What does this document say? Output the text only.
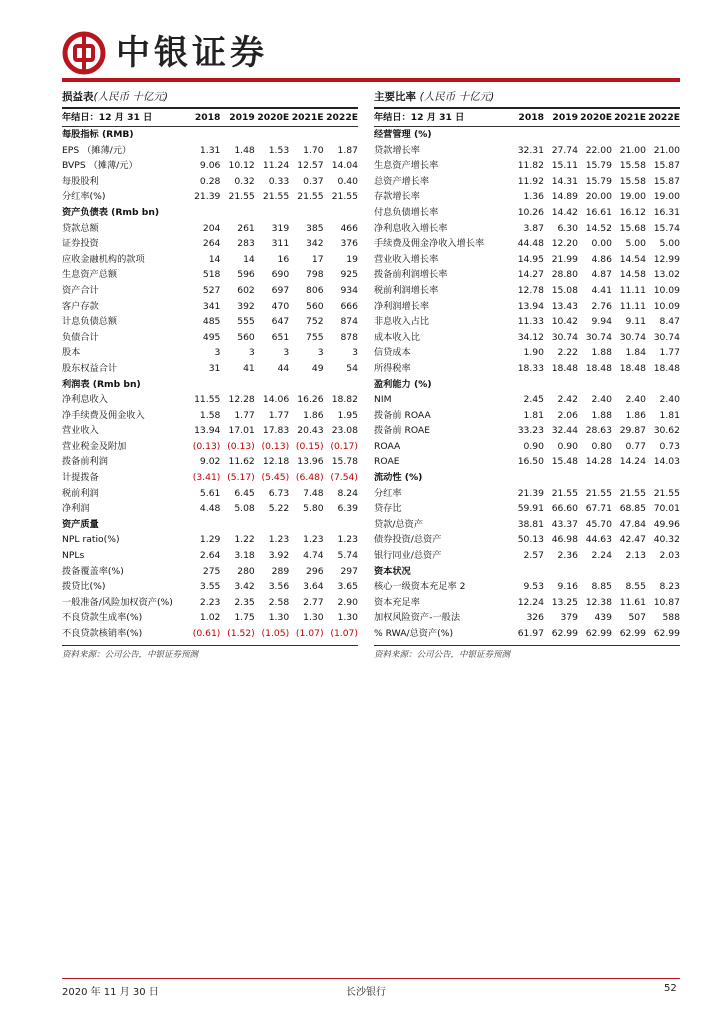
中银证券
损益表(人民币 十亿元)
年结日：12 月 31 日	2018	2019	2020E	2021E	2022E

每股指标 (RMB)					
EPS （摊薄/元）	1.31	1.48	1.53	1.70	1.87
BVPS （摊薄/元）	9.06	10.12	11.24	12.57	14.04
每股股利	0.28	0.32	0.33	0.37	0.40
分红率(%)	21.39	21.55	21.55	21.55	21.55
资产负债表 (Rmb bn)					
贷款总额	204	261	319	385	466
证券投资	264	283	311	342	376
应收金融机构的款项	14	14	16	17	19
生息资产总额	518	596	690	798	925
资产合计	527	602	697	806	934
客户存款	341	392	470	560	666
计息负债总额	485	555	647	752	874
负债合计	495	560	651	755	878
股本	3	3	3	3	3
股东权益合计	31	41	44	49	54
利润表 (Rmb bn)					
净利息收入	11.55	12.28	14.06	16.26	18.82
净手续费及佣金收入	1.58	1.77	1.77	1.86	1.95
营业收入	13.94	17.01	17.83	20.43	23.08
营业税金及附加	(0.13)	(0.13)	(0.13)	(0.15)	(0.17)
拨备前利润	9.02	11.62	12.18	13.96	15.78
计提拨备	(3.41)	(5.17)	(5.45)	(6.48)	(7.54)
税前利润	5.61	6.45	6.73	7.48	8.24
净利润	4.48	5.08	5.22	5.80	6.39
资产质量					
NPL ratio(%)	1.29	1.22	1.23	1.23	1.23
NPLs	2.64	3.18	3.92	4.74	5.74
拨备覆盖率(%)	275	280	289	296	297
拨贷比(%)	3.55	3.42	3.56	3.64	3.65
一般准备/风险加权资产(%)	2.23	2.35	2.58	2.77	2.90
不良贷款生成率(%)	1.02	1.75	1.30	1.30	1.30
不良贷款核销率(%)	(0.61)	(1.52)	(1.05)	(1.07)	(1.07)
资料来源：公司公告，中银证券预测
主要比率 (人民币 十亿元)
年结日：12 月 31 日	2018	2019	2020E	2021E	2022E

经营管理 (%)					
贷款增长率	32.31	27.74	22.00	21.00	21.00
生息资产增长率	11.82	15.11	15.79	15.58	15.87
总资产增长率	11.92	14.31	15.79	15.58	15.87
存款增长率	1.36	14.89	20.00	19.00	19.00
付息负债增长率	10.26	14.42	16.61	16.12	16.31
净利息收入增长率	3.87	6.30	14.52	15.68	15.74
手续费及佣金净收入增长率	44.48	12.20	0.00	5.00	5.00
营业收入增长率	14.95	21.99	4.86	14.54	12.99
拨备前利润增长率	14.27	28.80	4.87	14.58	13.02
税前利润增长率	12.78	15.08	4.41	11.11	10.09
净利润增长率	13.94	13.43	2.76	11.11	10.09
非息收入占比	11.33	10.42	9.94	9.11	8.47
成本收入比	34.12	30.74	30.74	30.74	30.74
信贷成本	1.90	2.22	1.88	1.84	1.77
所得税率	18.33	18.48	18.48	18.48	18.48
盈利能力 (%)					
NIM	2.45	2.42	2.40	2.40	2.40
拨备前 ROAA	1.81	2.06	1.88	1.86	1.81
拨备前 ROAE	33.23	32.44	28.63	29.87	30.62
ROAA	0.90	0.90	0.80	0.77	0.73
ROAE	16.50	15.48	14.28	14.24	14.03
流动性 (%)					
分红率	21.39	21.55	21.55	21.55	21.55
贷存比	59.91	66.60	67.71	68.85	70.01
贷款/总资产	38.81	43.37	45.70	47.84	49.96
债券投资/总资产	50.13	46.98	44.63	42.47	40.32
银行同业/总资产	2.57	2.36	2.24	2.13	2.03
资本状况					
核心一级资本充足率 2	9.53	9.16	8.85	8.55	8.23
资本充足率	12.24	13.25	12.38	11.61	10.87
加权风险资产-一般法	326	379	439	507	588
% RWA/总资产(%)	61.97	62.99	62.99	62.99	62.99
资料来源：公司公告，中银证券预测
2020 年 11 月 30 日	长沙银行	52
